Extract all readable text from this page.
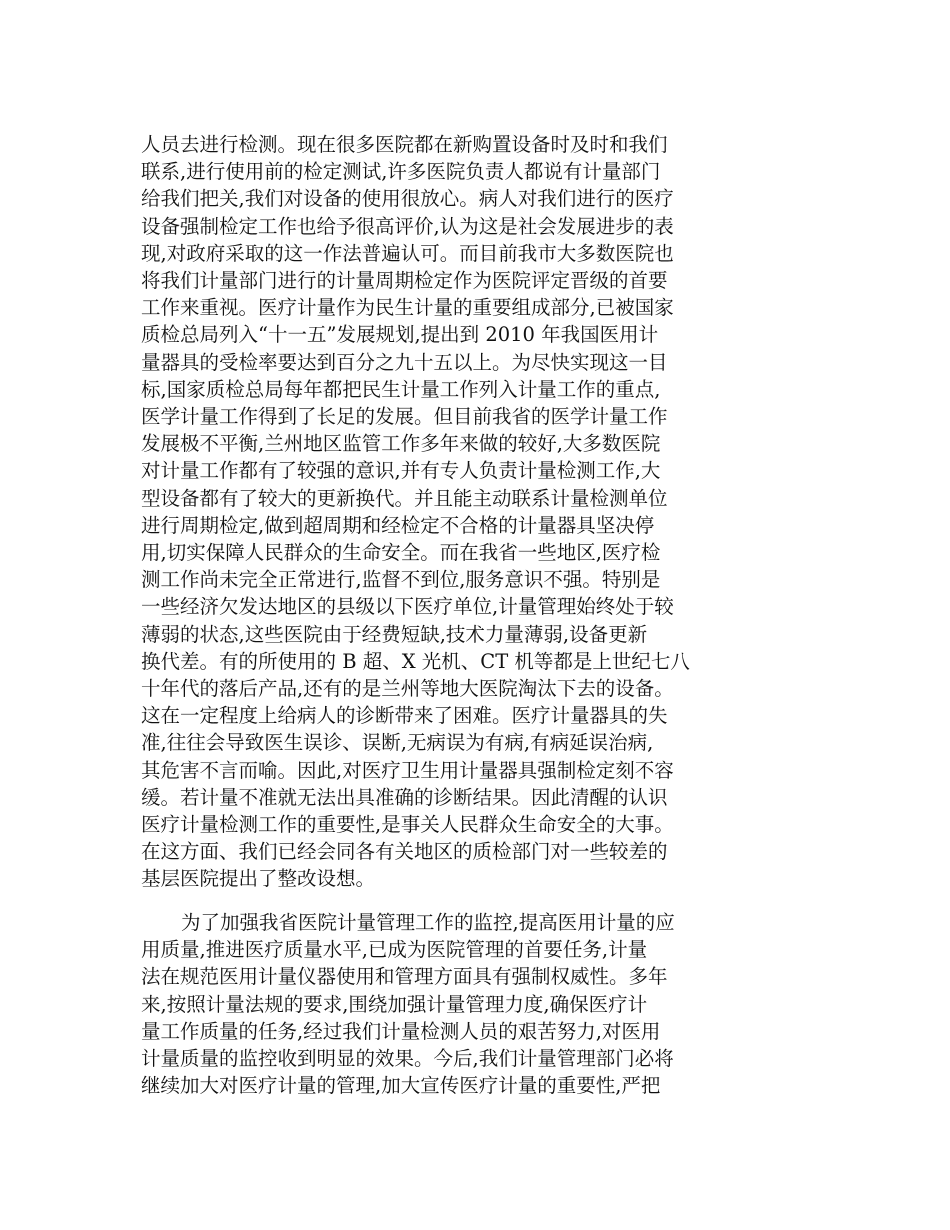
人员去进行检测。现在很多医院都在新购置设备时及时和我们
联系,进行使用前的检定测试,许多医院负责人都说有计量部门
给我们把关,我们对设备的使用很放心。病人对我们进行的医疗
设备强制检定工作也给予很高评价,认为这是社会发展进步的表
现,对政府采取的这一作法普遍认可。而目前我市大多数医院也
将我们计量部门进行的计量周期检定作为医院评定晋级的首要
工作来重视。医疗计量作为民生计量的重要组成部分,已被国家
质检总局列入“十一五”发展规划,提出到 2010 年我国医用计
量器具的受检率要达到百分之九十五以上。为尽快实现这一目
标,国家质检总局每年都把民生计量工作列入计量工作的重点,
医学计量工作得到了长足的发展。但目前我省的医学计量工作
发展极不平衡,兰州地区监管工作多年来做的较好,大多数医院
对计量工作都有了较强的意识,并有专人负责计量检测工作,大
型设备都有了较大的更新换代。并且能主动联系计量检测单位
进行周期检定,做到超周期和经检定不合格的计量器具坚决停
用,切实保障人民群众的生命安全。而在我省一些地区,医疗检
测工作尚未完全正常进行,监督不到位,服务意识不强。特别是
一些经济欠发达地区的县级以下医疗单位,计量管理始终处于较
薄弱的状态,这些医院由于经费短缺,技术力量薄弱,设备更新
换代差。有的所使用的 B 超、X 光机、CT 机等都是上世纪七八
十年代的落后产品,还有的是兰州等地大医院淘汰下去的设备。
这在一定程度上给病人的诊断带来了困难。医疗计量器具的失
准,往往会导致医生误诊、误断,无病误为有病,有病延误治病,
其危害不言而喻。因此,对医疗卫生用计量器具强制检定刻不容
缓。若计量不准就无法出具准确的诊断结果。因此清醒的认识
医疗计量检测工作的重要性,是事关人民群众生命安全的大事。
在这方面、我们已经会同各有关地区的质检部门对一些较差的
基层医院提出了整改设想。
为了加强我省医院计量管理工作的监控,提高医用计量的应
用质量,推进医疗质量水平,已成为医院管理的首要任务,计量
法在规范医用计量仪器使用和管理方面具有强制权威性。多年
来,按照计量法规的要求,围绕加强计量管理力度,确保医疗计
量工作质量的任务,经过我们计量检测人员的艰苦努力,对医用
计量质量的监控收到明显的效果。今后,我们计量管理部门必将
继续加大对医疗计量的管理,加大宣传医疗计量的重要性,严把
